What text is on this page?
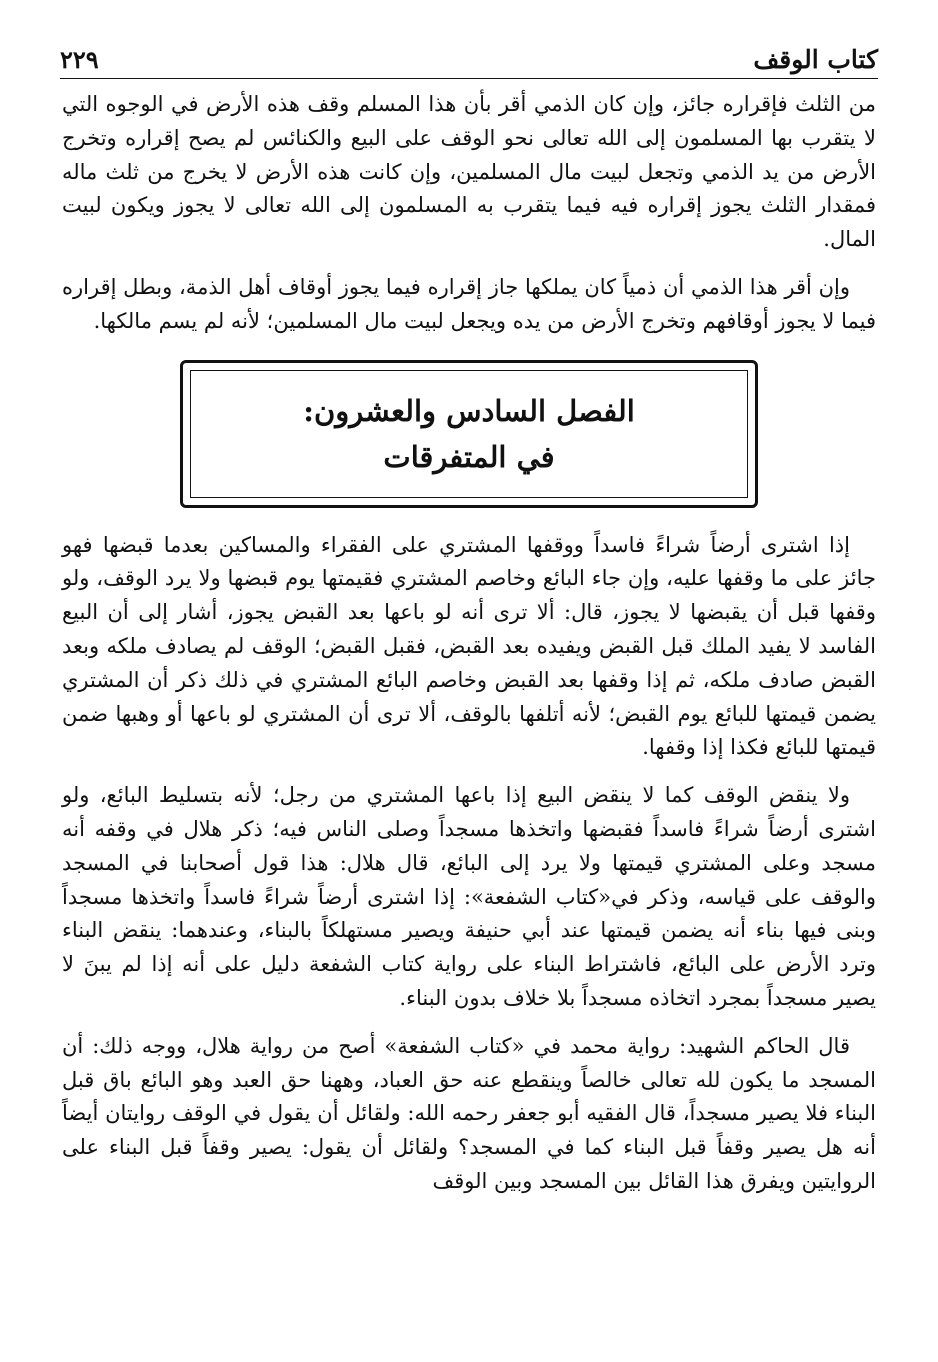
كتاب الوقف
٢٢٩

من الثلث فإقراره جائز، وإن كان الذمي أقر بأن هذا المسلم وقف هذه الأرض في الوجوه التي لا يتقرب بها المسلمون إلى الله تعالى نحو الوقف على البيع والكنائس لم يصح إقراره وتخرج الأرض من يد الذمي وتجعل لبيت مال المسلمين، وإن كانت هذه الأرض لا يخرج من ثلث ماله فمقدار الثلث يجوز إقراره فيه فيما يتقرب به المسلمون إلى الله تعالى لا يجوز ويكون لبيت المال.

وإن أقر هذا الذمي أن ذمياً كان يملكها جاز إقراره فيما يجوز أوقاف أهل الذمة، وبطل إقراره فيما لا يجوز أوقافهم وتخرج الأرض من يده ويجعل لبيت مال المسلمين؛ لأنه لم يسم مالكها.

الفصل السادس والعشرون:
في المتفرقات

إذا اشترى أرضاً شراءً فاسداً ووقفها المشتري على الفقراء والمساكين بعدما قبضها فهو جائز على ما وقفها عليه، وإن جاء البائع وخاصم المشتري فقيمتها يوم قبضها ولا يرد الوقف، ولو وقفها قبل أن يقبضها لا يجوز، قال: ألا ترى أنه لو باعها بعد القبض يجوز، أشار إلى أن البيع الفاسد لا يفيد الملك قبل القبض ويفيده بعد القبض، فقبل القبض؛ الوقف لم يصادف ملكه وبعد القبض صادف ملكه، ثم إذا وقفها بعد القبض وخاصم البائع المشتري في ذلك ذكر أن المشتري يضمن قيمتها للبائع يوم القبض؛ لأنه أتلفها بالوقف، ألا ترى أن المشتري لو باعها أو وهبها ضمن قيمتها للبائع فكذا إذا وقفها.

ولا ينقض الوقف كما لا ينقض البيع إذا باعها المشتري من رجل؛ لأنه بتسليط البائع، ولو اشترى أرضاً شراءً فاسداً فقبضها واتخذها مسجداً وصلى الناس فيه؛ ذكر هلال في وقفه أنه مسجد وعلى المشتري قيمتها ولا يرد إلى البائع، قال هلال: هذا قول أصحابنا في المسجد والوقف على قياسه، وذكر في«كتاب الشفعة»: إذا اشترى أرضاً شراءً فاسداً واتخذها مسجداً وبنى فيها بناء أنه يضمن قيمتها عند أبي حنيفة ويصير مستهلكاً بالبناء، وعندهما: ينقض البناء وترد الأرض على البائع، فاشتراط البناء على رواية كتاب الشفعة دليل على أنه إذا لم يبنَ لا يصير مسجداً بمجرد اتخاذه مسجداً بلا خلاف بدون البناء.

قال الحاكم الشهيد: رواية محمد في «كتاب الشفعة» أصح من رواية هلال، ووجه ذلك: أن المسجد ما يكون لله تعالى خالصاً وينقطع عنه حق العباد، وههنا حق العبد وهو البائع باق قبل البناء فلا يصير مسجداً، قال الفقيه أبو جعفر رحمه الله: ولقائل أن يقول في الوقف روايتان أيضاً أنه هل يصير وقفاً قبل البناء كما في المسجد؟ ولقائل أن يقول: يصير وقفاً قبل البناء على الروايتين ويفرق هذا القائل بين المسجد وبين الوقف
